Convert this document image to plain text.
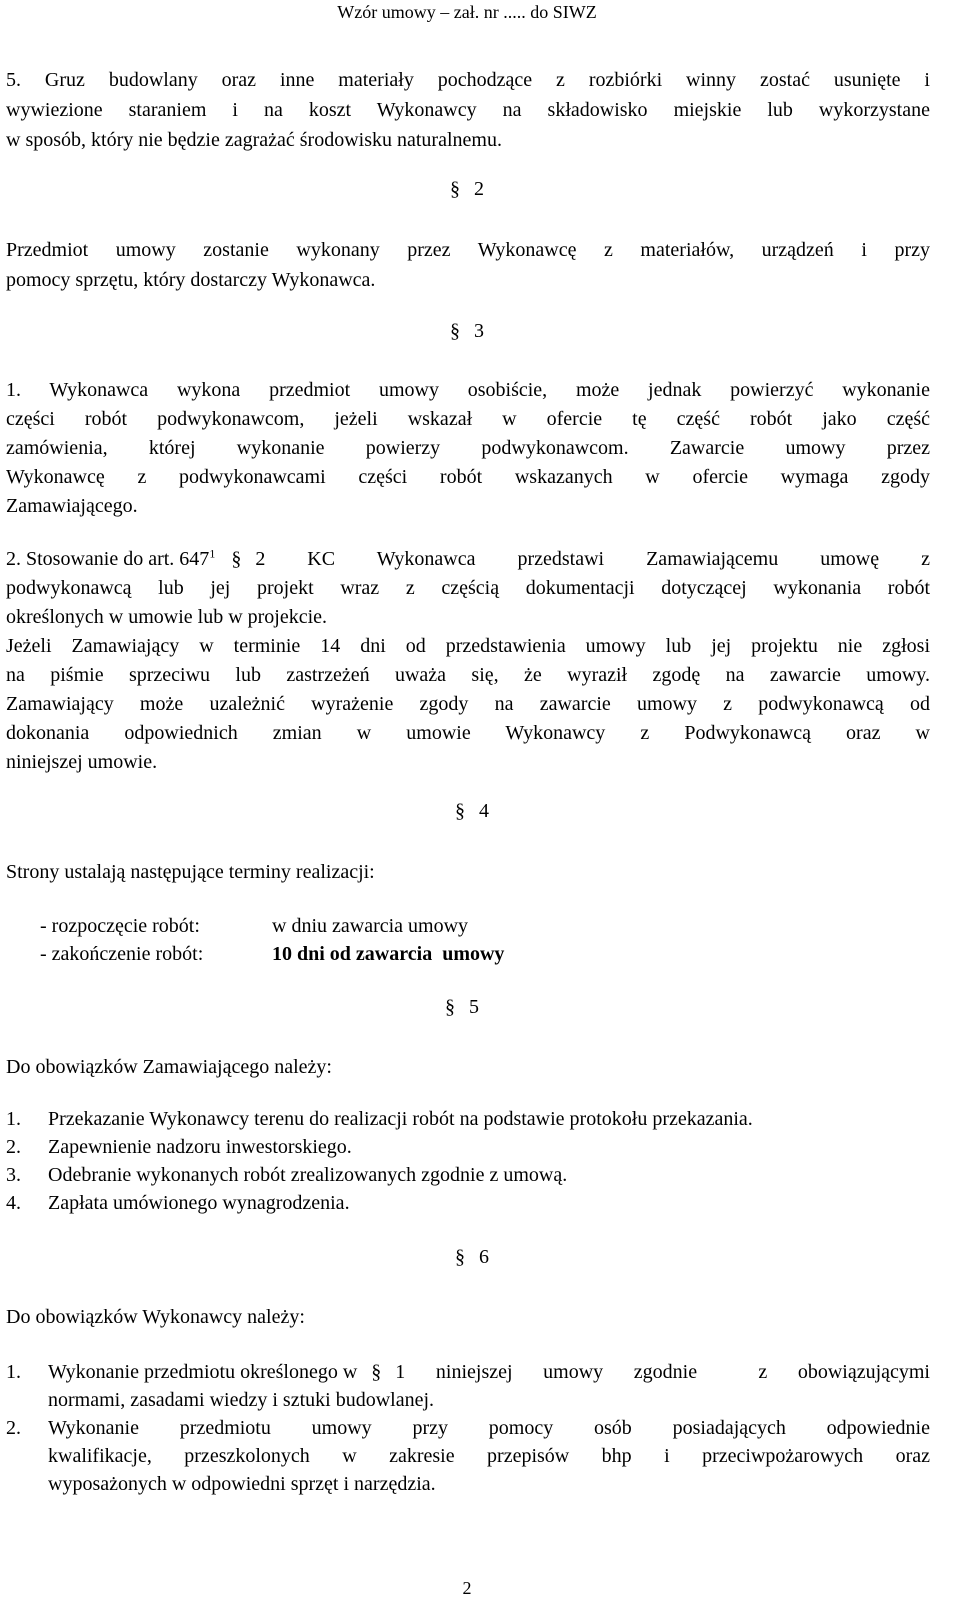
Wzór umowy – zał. nr ..... do SIWZ
5. Gruz budowlany oraz inne materiały pochodzące z rozbiórki winny zostać usunięte i
wywiezione staraniem i na koszt Wykonawcy na składowisko miejskie lub wykorzystane
w sposób, który nie będzie zagrażać środowisku naturalnemu.
§ 2
Przedmiot umowy zostanie wykonany przez Wykonawcę z materiałów, urządzeń i przy
pomocy sprzętu, który dostarczy Wykonawca.
§ 3
1. Wykonawca wykona przedmiot umowy osobiście, może jednak powierzyć wykonanie
części robót podwykonawcom, jeżeli wskazał w ofercie tę część robót jako część
zamówienia, której wykonanie powierzy podwykonawcom. Zawarcie umowy przez
Wykonawcę z podwykonawcami części robót wskazanych w ofercie wymaga zgody
Zamawiającego.
2. Stosowanie do art. $647^1$ § 2 KC Wykonawca przedstawi Zamawiającemu umowę z
podwykonawcą lub jej projekt wraz z częścią dokumentacji dotyczącej wykonania robót
określonych w umowie lub w projekcie.
Jeżeli Zamawiający w terminie 14 dni od przedstawienia umowy lub jej projektu nie zgłosi
na piśmie sprzeciwu lub zastrzeżeń uważa się, że wyraził zgodę na zawarcie umowy.
Zamawiający może uzależnić wyrażenie zgody na zawarcie umowy z podwykonawcą od
dokonania odpowiednich zmian w umowie Wykonawcy z Podwykonawcą oraz w
niniejszej umowie.
§ 4
Strony ustalają następujące terminy realizacji:
- rozpoczęcie robót:	w dniu zawarcia umowy
- zakończenie robót:	10 dni od zawarcia  umowy
§ 5
Do obowiązków Zamawiającego należy:
1.	Przekazanie Wykonawcy terenu do realizacji robót na podstawie protokołu przekazania.
2.	Zapewnienie nadzoru inwestorskiego.
3.	Odebranie wykonanych robót zrealizowanych zgodnie z umową.
4.	Zapłata umówionego wynagrodzenia.
§ 6
Do obowiązków Wykonawcy należy:
1.	Wykonanie przedmiotu określonego w § 1 niniejszej umowy zgodnie  z obowiązującymi
normami, zasadami wiedzy i sztuki budowlanej.
2.	Wykonanie przedmiotu umowy przy pomocy osób posiadających odpowiednie
kwalifikacje, przeszkolonych w zakresie przepisów bhp i przeciwpożarowych oraz
wyposażonych w odpowiedni sprzęt i narzędzia.
2
